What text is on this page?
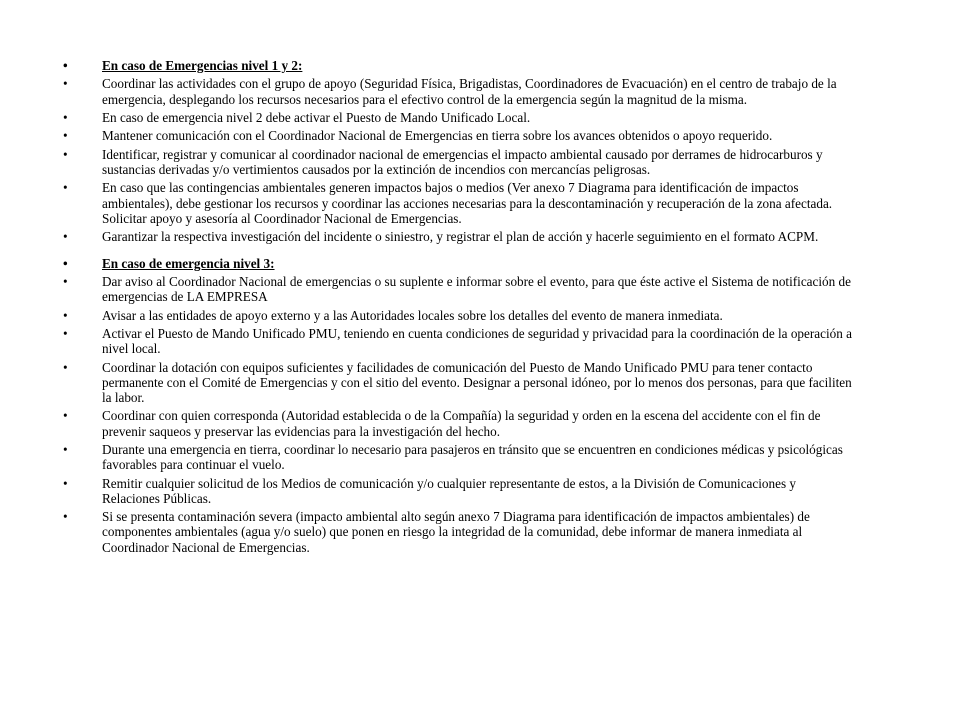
•	En caso de Emergencias nivel 1 y 2:
•	Coordinar las actividades con el grupo de apoyo (Seguridad Física, Brigadistas, Coordinadores de Evacuación) en el centro de trabajo de la emergencia, desplegando los recursos necesarios para el efectivo control de la emergencia según la magnitud de la misma.
•	En caso de emergencia nivel 2 debe activar el Puesto de Mando Unificado Local.
•	Mantener comunicación con el Coordinador Nacional de Emergencias en tierra sobre los avances obtenidos o apoyo requerido.
•	Identificar, registrar y comunicar al coordinador nacional de emergencias el impacto ambiental causado por derrames de hidrocarburos y sustancias derivadas y/o vertimientos causados por la extinción de incendios con mercancías peligrosas.
•	En caso que las contingencias ambientales generen impactos bajos o medios (Ver anexo 7 Diagrama para identificación de impactos ambientales), debe gestionar los recursos y coordinar las acciones necesarias para la descontaminación y recuperación de la zona afectada. Solicitar apoyo y asesoría al Coordinador Nacional de Emergencias.
•	Garantizar la respectiva investigación del incidente o siniestro, y registrar el plan de acción y hacerle seguimiento en el formato ACPM.
•	En caso de emergencia nivel 3:
•	Dar aviso al Coordinador Nacional de emergencias o su suplente e informar sobre el evento, para que éste active el Sistema de notificación de emergencias de LA EMPRESA
•	Avisar a las entidades de apoyo externo y a las Autoridades locales sobre los detalles del evento de manera inmediata.
•	Activar el Puesto de Mando Unificado PMU, teniendo en cuenta condiciones de seguridad y privacidad para la coordinación de la operación a nivel local.
•	Coordinar la dotación con equipos suficientes y facilidades de comunicación del Puesto de Mando Unificado PMU para tener contacto permanente con el Comité de Emergencias y con el sitio del evento. Designar a personal idóneo, por lo menos dos personas, para que faciliten la labor.
•	Coordinar con quien corresponda (Autoridad establecida o de la Compañía) la seguridad y orden en la escena del accidente con el fin de prevenir saqueos y preservar las evidencias para la investigación del hecho.
•	Durante una emergencia en tierra, coordinar lo necesario para pasajeros en tránsito que se encuentren en condiciones médicas y psicológicas favorables para continuar el vuelo.
•	Remitir cualquier solicitud de los Medios de comunicación y/o cualquier representante de estos, a la División de Comunicaciones y Relaciones Públicas.
•	Si se presenta contaminación severa (impacto ambiental alto según anexo 7 Diagrama para identificación de impactos ambientales) de componentes ambientales (agua y/o suelo) que ponen en riesgo la integridad de la comunidad, debe informar de manera inmediata al Coordinador Nacional de Emergencias.
